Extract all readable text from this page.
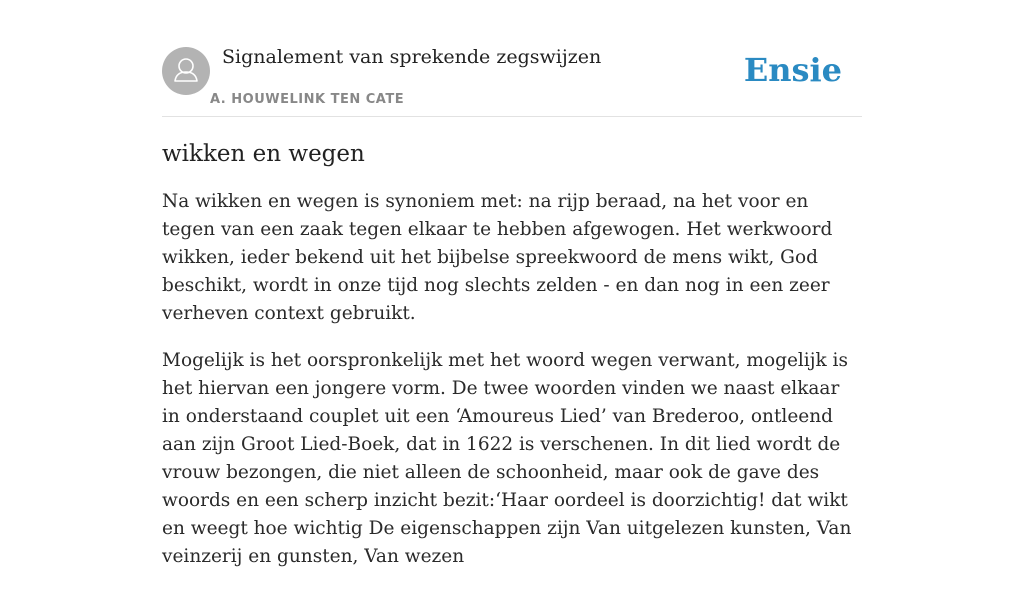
Signalement van sprekende zegswijzen
A. HOUWELINK TEN CATE
Ensie
wikken en wegen

Na wikken en wegen is synoniem met: na rijp beraad, na het voor en tegen van een zaak tegen elkaar te hebben afgewogen. Het werkwoord wikken, ieder bekend uit het bijbelse spreekwoord de mens wikt, God beschikt, wordt in onze tijd nog slechts zelden - en dan nog in een zeer verheven context gebruikt.

Mogelijk is het oorspronkelijk met het woord wegen verwant, mogelijk is het hiervan een jongere vorm. De twee woorden vinden we naast elkaar in onderstaand couplet uit een ‘Amoureus Lied’ van Brederoo, ontleend aan zijn Groot Lied-Boek, dat in 1622 is verschenen. In dit lied wordt de vrouw bezongen, die niet alleen de schoonheid, maar ook de gave des woords en een scherp inzicht bezit:‘Haar oordeel is doorzichtig! dat wikt en weegt hoe wichtig De eigenschappen zijn Van uitgelezen kunsten, Van veinzerij en gunsten, Van wezen
